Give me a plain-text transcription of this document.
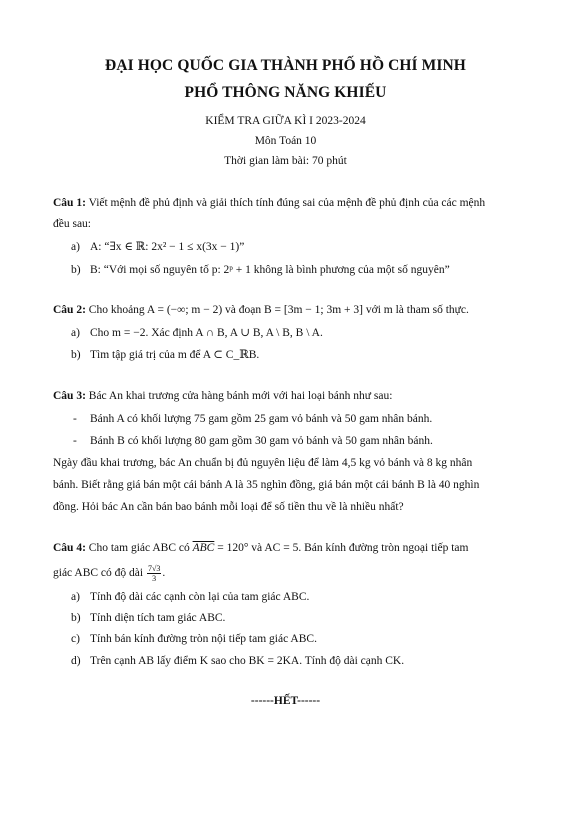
ĐẠI HỌC QUỐC GIA THÀNH PHỐ HỒ CHÍ MINH
PHỔ THÔNG NĂNG KHIẾU
KIỂM TRA GIỮA KÌ I 2023-2024
Môn Toán 10
Thời gian làm bài: 70 phút
Câu 1: Viết mệnh đề phủ định và giải thích tính đúng sai của mệnh đề phủ định của các mệnh
đều sau:
a) A: “∃x ∈ ℝ: 2x² − 1 ≤ x(3x − 1)”
b) B: “Với mọi số nguyên tố p: 2ᵖ + 1 không là bình phương của một số nguyên”
Câu 2: Cho khoảng A = (−∞; m − 2) và đoạn B = [3m − 1; 3m + 3] với m là tham số thực.
a) Cho m = −2. Xác định A ∩ B, A ∪ B, A \ B, B \ A.
b) Tìm tập giá trị của m để A ⊂ C_ℝB.
Câu 3: Bác An khai trương cửa hàng bánh mới với hai loại bánh như sau:
- Bánh A có khối lượng 75 gam gồm 25 gam vỏ bánh và 50 gam nhân bánh.
- Bánh B có khối lượng 80 gam gồm 30 gam vỏ bánh và 50 gam nhân bánh.
Ngày đầu khai trương, bác An chuẩn bị đủ nguyên liệu để làm 4,5 kg vỏ bánh và 8 kg nhân
bánh. Biết rằng giá bán một cái bánh A là 35 nghìn đồng, giá bán một cái bánh B là 40 nghìn
đồng. Hỏi bác An cần bán bao bánh mỗi loại để số tiền thu về là nhiều nhất?
Câu 4: Cho tam giác ABC có $\overline{ABC} = 120^\circ$ và AC = 5. Bán kính đường tròn ngoại tiếp tam
giác ABC có độ dài $\frac{7√3}{3}$ .
a) Tính độ dài các cạnh còn lại của tam giác ABC.
b) Tính diện tích tam giác ABC.
c) Tính bán kính đường tròn nội tiếp tam giác ABC.
d) Trên cạnh AB lấy điểm K sao cho BK = 2KA. Tính độ dài cạnh CK.
------HẾT------
